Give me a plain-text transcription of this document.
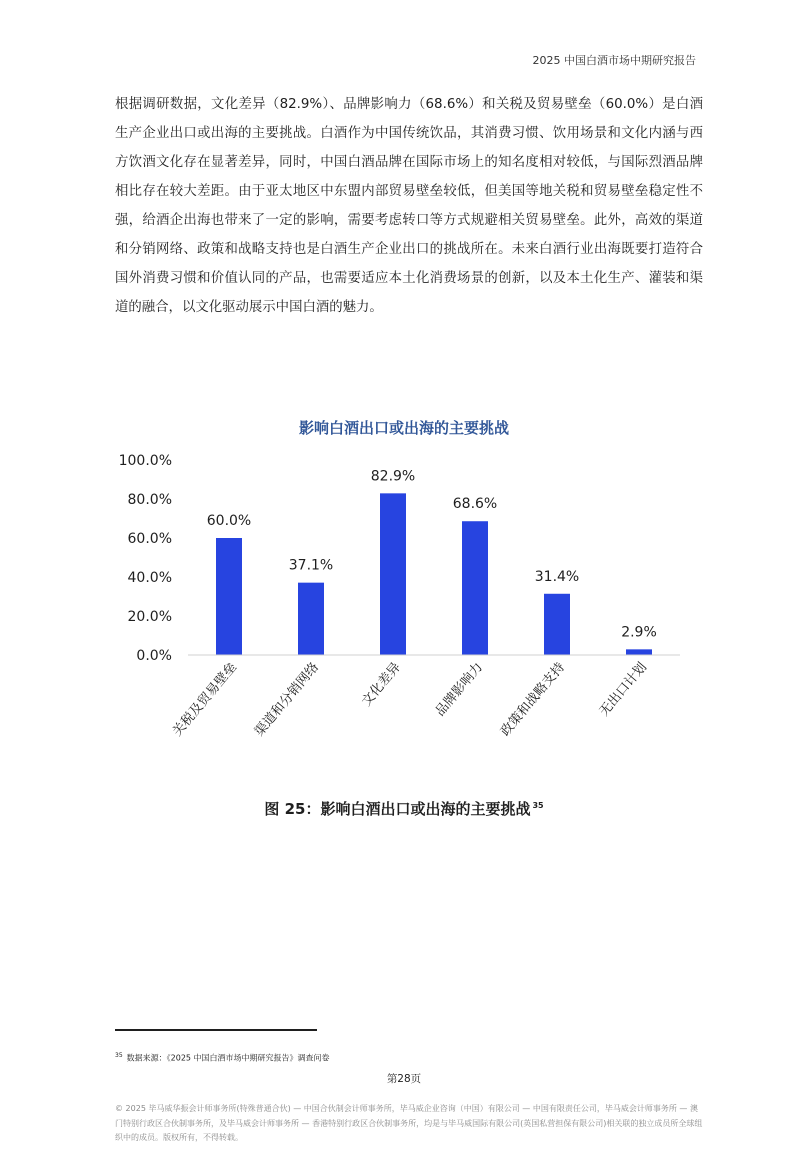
2025 中国白酒市场中期研究报告

根据调研数据，文化差异（82.9%）、品牌影响力（68.6%）和关税及贸易壁垒（60.0%）是白酒生产企业出口或出海的主要挑战。白酒作为中国传统饮品，其消费习惯、饮用场景和文化内涵与西方饮酒文化存在显著差异，同时，中国白酒品牌在国际市场上的知名度相对较低，与国际烈酒品牌相比存在较大差距。由于亚太地区中东盟内部贸易壁垒较低，但美国等地关税和贸易壁垒稳定性不强，给酒企出海也带来了一定的影响，需要考虑转口等方式规避相关贸易壁垒。此外，高效的渠道和分销网络、政策和战略支持也是白酒生产企业出口的挑战所在。未来白酒行业出海既要打造符合国外消费习惯和价值认同的产品，也需要适应本土化消费场景的创新，以及本土化生产、灌装和渠道的融合，以文化驱动展示中国白酒的魅力。

影响白酒出口或出海的主要挑战
0.0%
20.0%
40.0%
60.0%
80.0%
100.0%
60.0%
37.1%
82.9%
68.6%
31.4%
2.9%
关税及贸易壁垒 渠道和分销网络	文化差异 品牌影响力 政策和战略支持 无出口计划
图 25：影响白酒出口或出海的主要挑战 $^{35}$
$^{35}$ 数据来源：《2025 中国白酒市场中期研究报告》调查问卷
第28页
© 2025 毕马威华振会计师事务所(特殊普通合伙) — 中国合伙制会计师事务所，毕马威企业咨询（中国）有限公司 — 中国有限责任公司，毕马威会计师事务所 — 澳门特别行政区合伙制事务所，及毕马威会计师事务所 — 香港特别行政区合伙制事务所，均是与毕马威国际有限公司(英国私营担保有限公司)相关联的独立成员所全球组织中的成员。版权所有，不得转载。
